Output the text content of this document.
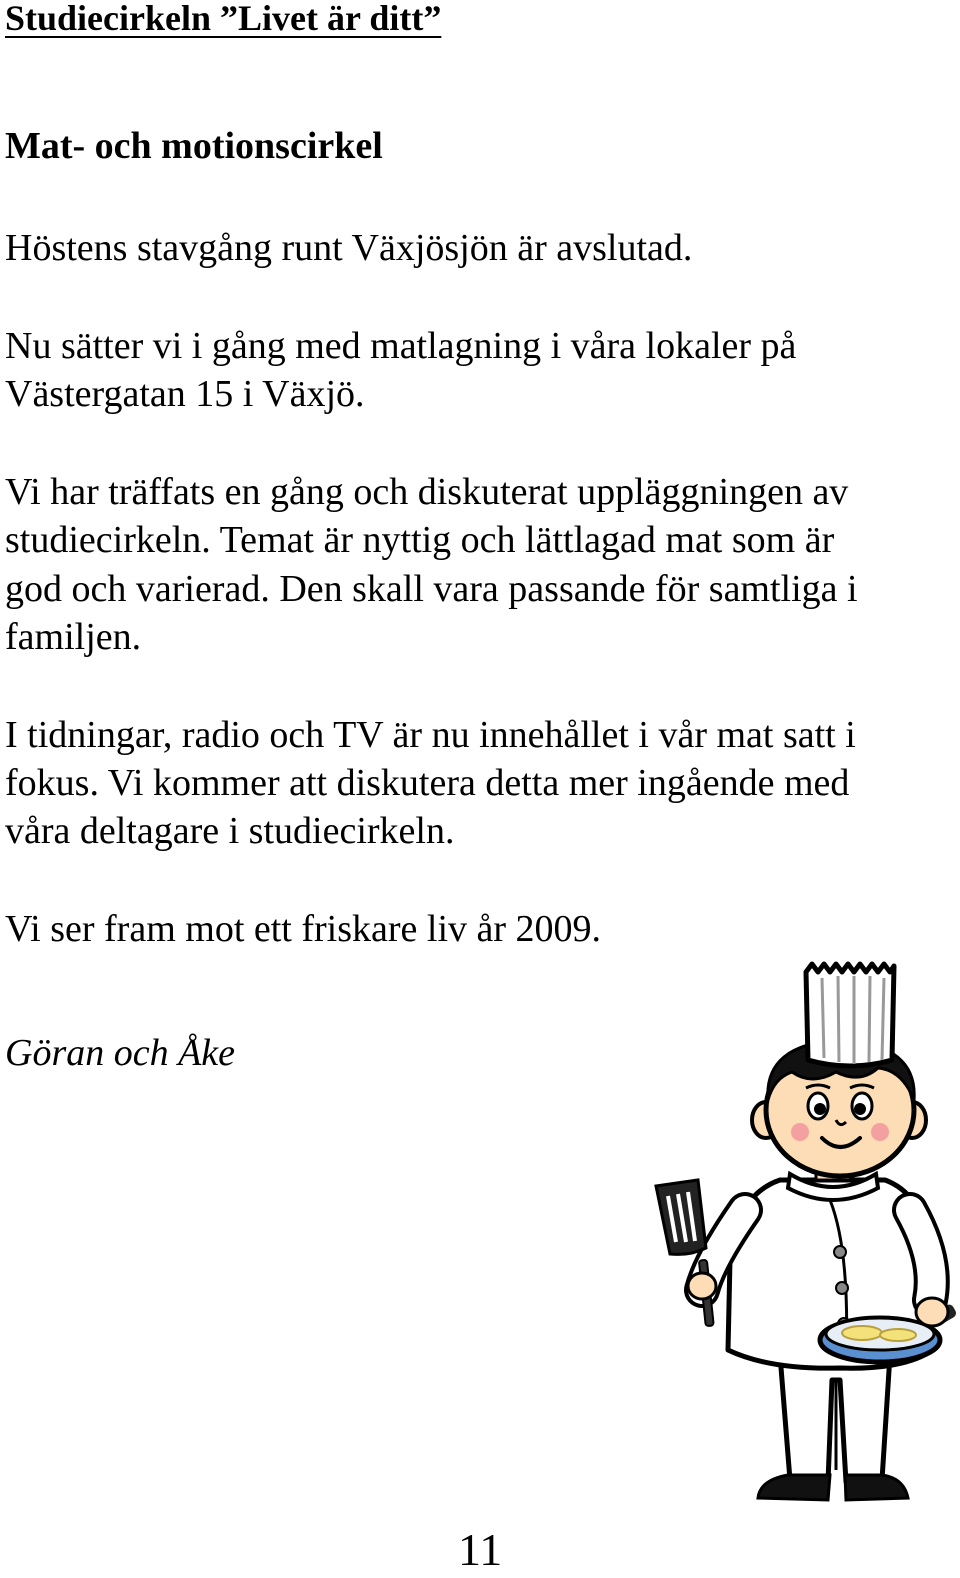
Studiecirkeln ”Livet är ditt”

Mat- och motionscirkel

Höstens stavgång runt Växjösjön är avslutad.

Nu sätter vi i gång med matlagning i våra lokaler på

Västergatan 15 i Växjö.

Vi har träffats en gång och diskuterat uppläggningen av

studiecirkeln. Temat är nyttig och lättlagad mat som är

god och varierad. Den skall vara passande för samtliga i

familjen.

I tidningar, radio och TV är nu innehållet i vår mat satt i

fokus. Vi kommer att diskutera detta mer ingående med

våra deltagare i studiecirkeln.

Vi ser fram mot ett friskare liv år 2009.

Göran och Åke

11
